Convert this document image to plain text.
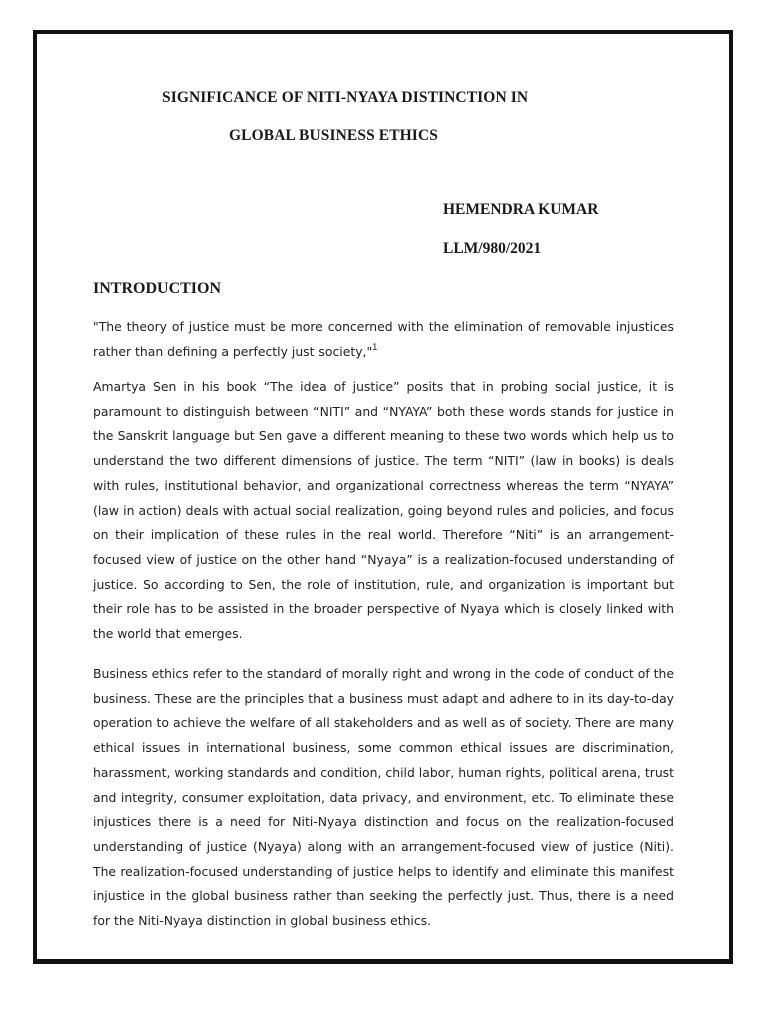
SIGNIFICANCE OF NITI-NYAYA DISTINCTION IN
GLOBAL BUSINESS ETHICS
HEMENDRA KUMAR
LLM/980/2021
INTRODUCTION

"The theory of justice must be more concerned with the elimination of removable injustices rather than defining a perfectly just society,"$^1$

Amartya Sen in his book “The idea of justice” posits that in probing social justice, it is paramount to distinguish between “NITI” and “NYAYA” both these words stands for justice in the Sanskrit language but Sen gave a different meaning to these two words which help us to understand the two different dimensions of justice. The term “NITI” (law in books) is deals with rules, institutional behavior, and organizational correctness whereas the term “NYAYA” (law in action) deals with actual social realization, going beyond rules and policies, and focus on their implication of these rules in the real world. Therefore “Niti” is an arrangement-focused view of justice on the other hand “Nyaya” is a realization-focused understanding of justice. So according to Sen, the role of institution, rule, and organization is important but their role has to be assisted in the broader perspective of Nyaya which is closely linked with the world that emerges.

Business ethics refer to the standard of morally right and wrong in the code of conduct of the business. These are the principles that a business must adapt and adhere to in its day-to-day operation to achieve the welfare of all stakeholders and as well as of society. There are many ethical issues in international business, some common ethical issues are discrimination, harassment, working standards and condition, child labor, human rights, political arena, trust and integrity, consumer exploitation, data privacy, and environment, etc. To eliminate these injustices there is a need for Niti-Nyaya distinction and focus on the realization-focused understanding of justice (Nyaya) along with an arrangement-focused view of justice (Niti). The realization-focused understanding of justice helps to identify and eliminate this manifest injustice in the global business rather than seeking the perfectly just. Thus, there is a need for the Niti-Nyaya distinction in global business ethics.
